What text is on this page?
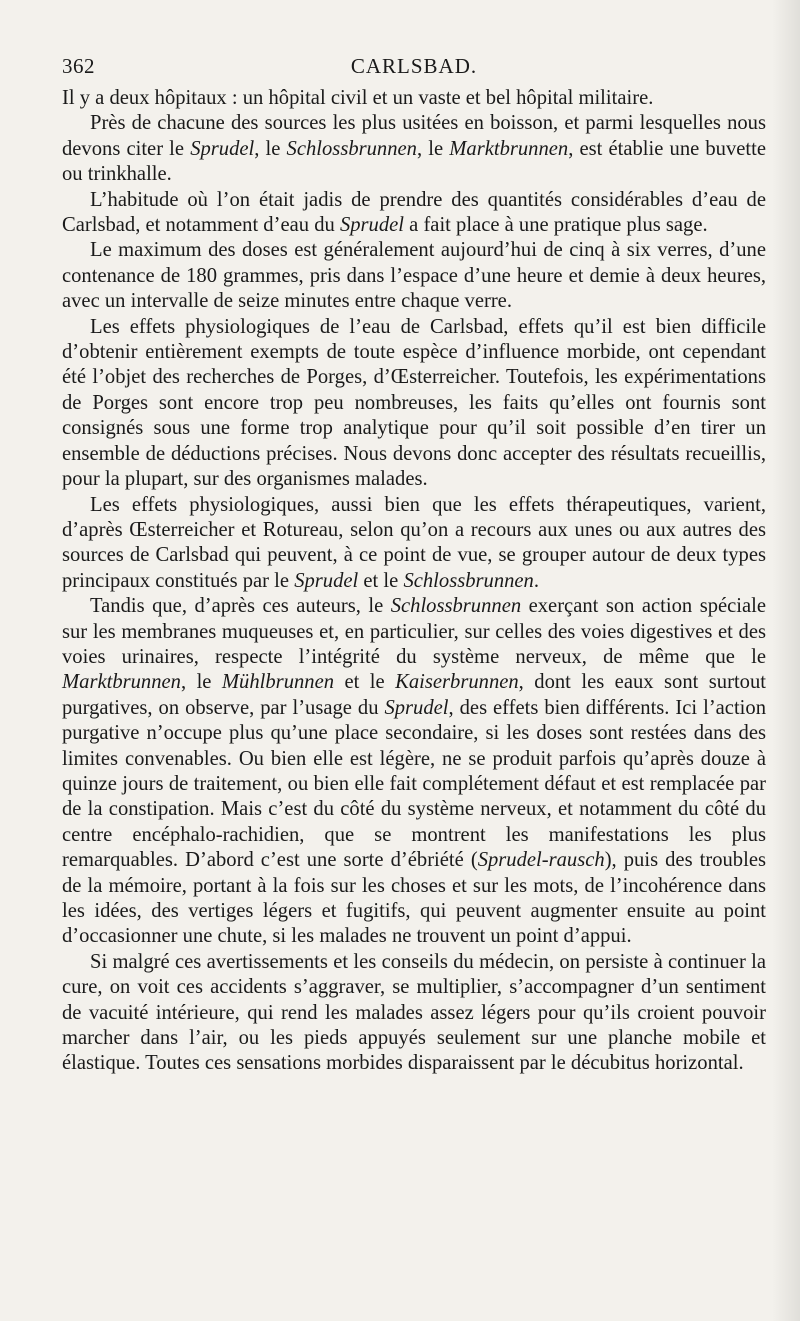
362	CARLSBAD.

Il y a deux hôpitaux : un hôpital civil et un vaste et bel hôpital militaire.

Près de chacune des sources les plus usitées en boisson, et parmi lesquelles nous devons citer le Sprudel, le Schlossbrunnen, le Marktbrunnen, est établie une buvette ou trinkhalle.

L’habitude où l’on était jadis de prendre des quantités considérables d’eau de Carlsbad, et notamment d’eau du Sprudel a fait place à une pratique plus sage.

Le maximum des doses est généralement aujourd’hui de cinq à six verres, d’une contenance de 180 grammes, pris dans l’espace d’une heure et demie à deux heures, avec un intervalle de seize minutes entre chaque verre.

Les effets physiologiques de l’eau de Carlsbad, effets qu’il est bien difficile d’obtenir entièrement exempts de toute espèce d’influence morbide, ont cependant été l’objet des recherches de Porges, d’Œsterreicher. Toutefois, les expérimentations de Porges sont encore trop peu nombreuses, les faits qu’elles ont fournis sont consignés sous une forme trop analytique pour qu’il soit possible d’en tirer un ensemble de déductions précises. Nous devons donc accepter des résultats recueillis, pour la plupart, sur des organismes malades.

Les effets physiologiques, aussi bien que les effets thérapeutiques, varient, d’après Œsterreicher et Rotureau, selon qu’on a recours aux unes ou aux autres des sources de Carlsbad qui peuvent, à ce point de vue, se grouper autour de deux types principaux constitués par le Sprudel et le Schlossbrunnen.

Tandis que, d’après ces auteurs, le Schlossbrunnen exerçant son action spéciale sur les membranes muqueuses et, en particulier, sur celles des voies digestives et des voies urinaires, respecte l’intégrité du système nerveux, de même que le Marktbrunnen, le Mühlbrunnen et le Kaiserbrunnen, dont les eaux sont surtout purgatives, on observe, par l’usage du Sprudel, des effets bien différents. Ici l’action purgative n’occupe plus qu’une place secondaire, si les doses sont restées dans des limites convenables. Ou bien elle est légère, ne se produit parfois qu’après douze à quinze jours de traitement, ou bien elle fait complétement défaut et est remplacée par de la constipation. Mais c’est du côté du système nerveux, et notamment du côté du centre encéphalo-rachidien, que se montrent les manifestations les plus remarquables. D’abord c’est une sorte d’ébriété (Sprudel-rausch), puis des troubles de la mémoire, portant à la fois sur les choses et sur les mots, de l’incohérence dans les idées, des vertiges légers et fugitifs, qui peuvent augmenter ensuite au point d’occasionner une chute, si les malades ne trouvent un point d’appui.

Si malgré ces avertissements et les conseils du médecin, on persiste à continuer la cure, on voit ces accidents s’aggraver, se multiplier, s’accompagner d’un sentiment de vacuité intérieure, qui rend les malades assez légers pour qu’ils croient pouvoir marcher dans l’air, ou les pieds appuyés seulement sur une planche mobile et élastique. Toutes ces sensations morbides disparaissent par le décubitus horizontal.
